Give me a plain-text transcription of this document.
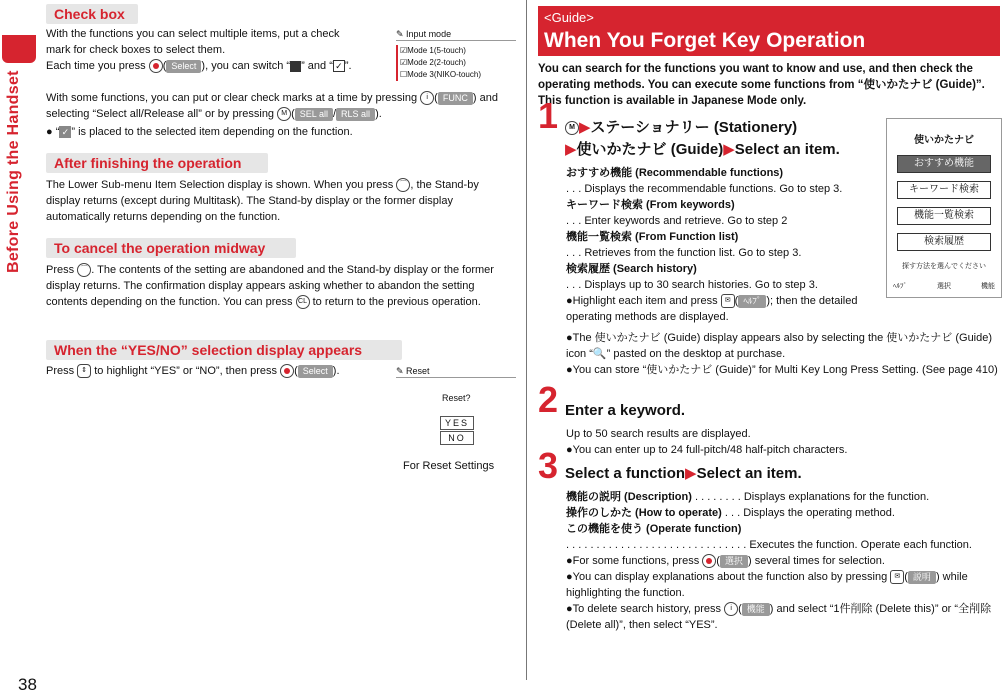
Before Using the Handset
38
Check box
With the functions you can select multiple items, put a check mark for check boxes to select them.
Each time you press ( Select ), you can switch “ ” and “ ✓ ”.
With some functions, you can put or clear check marks at a time by pressing i ( FUNC ) and selecting “Select all/Release all” or by pressing M ( SEL all / RLS all ).
● “ ✓ ” is placed to the selected item depending on the function.
✎ Input mode
☑Mode 1(5-touch)
☑Mode 2(2-touch)
☐Mode 3(NIKO-touch)
After finishing the operation
The Lower Sub-menu Item Selection display is shown. When you press ⌒ , the Stand-by display returns (except during Multitask). The Stand-by display or the former display automatically returns depending on the function.
To cancel the operation midway
Press ⌒ . The contents of the setting are abandoned and the Stand-by display or the former display returns. The confirmation display appears asking whether to abandon the setting contents depending on the function. You can press CL to return to the previous operation.
When the “YES/NO” selection display appears
Press ⇕ to highlight “YES” or “NO”, then press ( Select ).	✎ Reset
Reset?
YES
NO
For Reset Settings
<Guide>
When You Forget Key Operation
You can search for the functions you want to know and use, and then check the operating methods. You can execute some functions from “使いかたナビ (Guide)”. This function is available in Japanese Mode only.
1	M ▶ステーショナリー (Stationery)
▶使いかたナビ (Guide)▶Select an item.
おすすめ機能 (Recommendable functions)
. . . Displays the recommendable functions. Go to step 3.
キーワード検索 (From keywords)
. . . Enter keywords and retrieve. Go to step 2
機能一覧検索 (From Function list)
. . . Retrieves from the function list. Go to step 3.
検索履歴 (Search history)
. . . Displays up to 30 search histories. Go to step 3.
●Highlight each item and press ✉ ( ﾍﾙﾌﾟ ); then the detailed operating methods are displayed.
●The 使いかたナビ (Guide) display appears also by selecting the 使いかたナビ (Guide) icon “🔍” pasted on the desktop at purchase.
●You can store “使いかたナビ (Guide)” for Multi Key Long Press Setting. (See page 410)
使いかたナビ
おすすめ機能
キーワード検索
機能一覧検索
検索履歴
探す方法を選んでください
ﾍﾙﾌﾟ	選択	機能
2 Enter a keyword.
Up to 50 search results are displayed.
●You can enter up to 24 full-pitch/48 half-pitch characters.
3 Select a function▶Select an item.
機能の説明 (Description) . . . . . . . . Displays explanations for the function.
操作のしかた (How to operate) . . . Displays the operating method.
この機能を使う (Operate function)
. . . . . . . . . . . . . . . . . . . . . . . . . . . . . . Executes the function. Operate each function.
●For some functions, press ( 選択 ) several times for selection.
●You can display explanations about the function also by pressing ✉ ( 説明 ) while highlighting the function.
●To delete search history, press i ( 機能 ) and select “1件削除 (Delete this)” or “全削除 (Delete all)”, then select “YES”.
